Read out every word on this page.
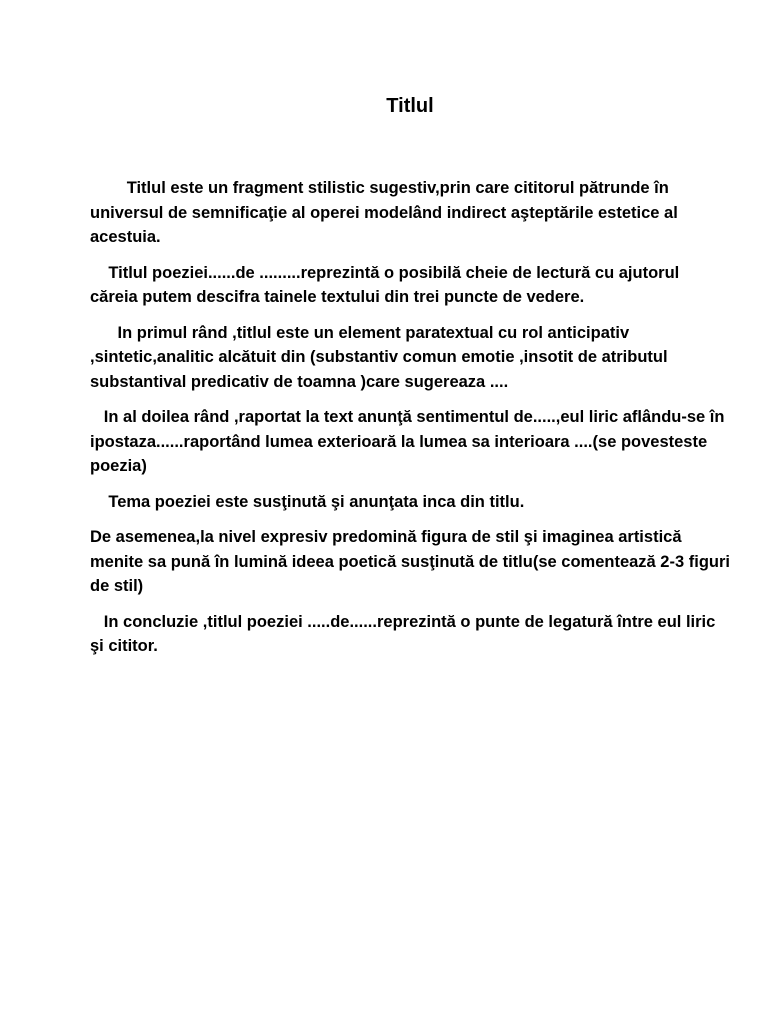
Titlul

Titlul este un fragment stilistic sugestiv,prin care cititorul pătrunde în universul de semnificaţie al operei modelând indirect aşteptările estetice al acestuia.

Titlul poeziei......de .........reprezintă o posibilă cheie de lectură cu ajutorul căreia putem descifra tainele textului din trei puncte de vedere.

In primul rând ,titlul este un element paratextual cu rol anticipativ ,sintetic,analitic alcătuit din (substantiv comun emotie ,insotit de atributul substantival predicativ de toamna )care sugereaza ....

In al doilea rând ,raportat la text anunţă sentimentul de.....,eul liric aflându-se în ipostaza......raportând lumea exterioară la lumea sa interioara ....(se povesteste poezia)

Tema poeziei este susţinută şi anunţata inca din titlu.

De asemenea,la nivel expresiv predomină figura de stil şi imaginea artistică menite sa pună în lumină ideea poetică susţinută de titlu(se comentează 2-3 figuri de stil)

In concluzie ,titlul poeziei .....de......reprezintă o punte de legatură între eul liric şi cititor.
